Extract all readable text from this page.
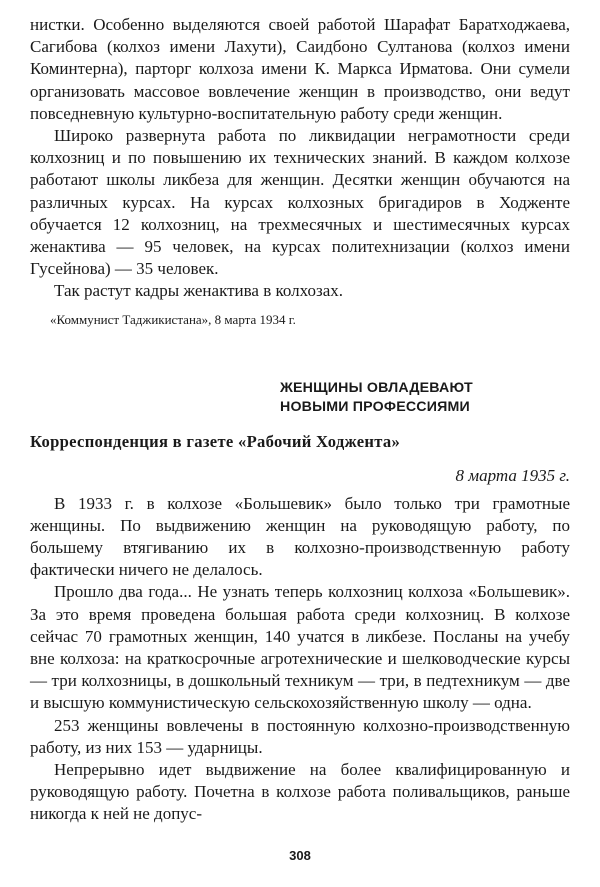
нистки. Особенно выделяются своей работой Шарафат Баратходжаева, Сагибова (колхоз имени Лахути), Саидбоно Султанова (колхоз имени Коминтерна), парторг колхоза имени К. Маркса Ирматова. Они сумели организовать массовое вовлечение женщин в производство, они ведут повседневную культурно-воспитательную работу среди женщин.

Широко развернута работа по ликвидации неграмотности среди колхозниц и по повышению их технических знаний. В каждом колхозе работают школы ликбеза для женщин. Десятки женщин обучаются на различных курсах. На курсах колхозных бригадиров в Ходженте обучается 12 колхозниц, на трехмесячных и шестимесячных курсах женактива — 95 человек, на курсах политехнизации (колхоз имени Гусейнова) — 35 человек.

Так растут кадры женактива в колхозах.

«Коммунист Таджикистана», 8 марта 1934 г.

ЖЕНЩИНЫ ОВЛАДЕВАЮТ
НОВЫМИ ПРОФЕССИЯМИ

Корреспонденция в газете «Рабочий Ходжента»

8 марта 1935 г.

В 1933 г. в колхозе «Большевик» было только три грамотные женщины. По выдвижению женщин на руководящую работу, по большему втягиванию их в колхозно-производственную работу фактически ничего не делалось.

Прошло два года... Не узнать теперь колхозниц колхоза «Большевик». За это время проведена большая работа среди колхозниц. В колхозе сейчас 70 грамотных женщин, 140 учатся в ликбезе. Посланы на учебу вне колхоза: на краткосрочные агротехнические и шелководческие курсы — три колхозницы, в дошкольный техникум — три, в педтехникум — две и высшую коммунистическую сельскохозяйственную школу — одна.

253 женщины вовлечены в постоянную колхозно-производственную работу, из них 153 — ударницы.

Непрерывно идет выдвижение на более квалифицированную и руководящую работу. Почетна в колхозе работа поливальщиков, раньше никогда к ней не допус-

308
